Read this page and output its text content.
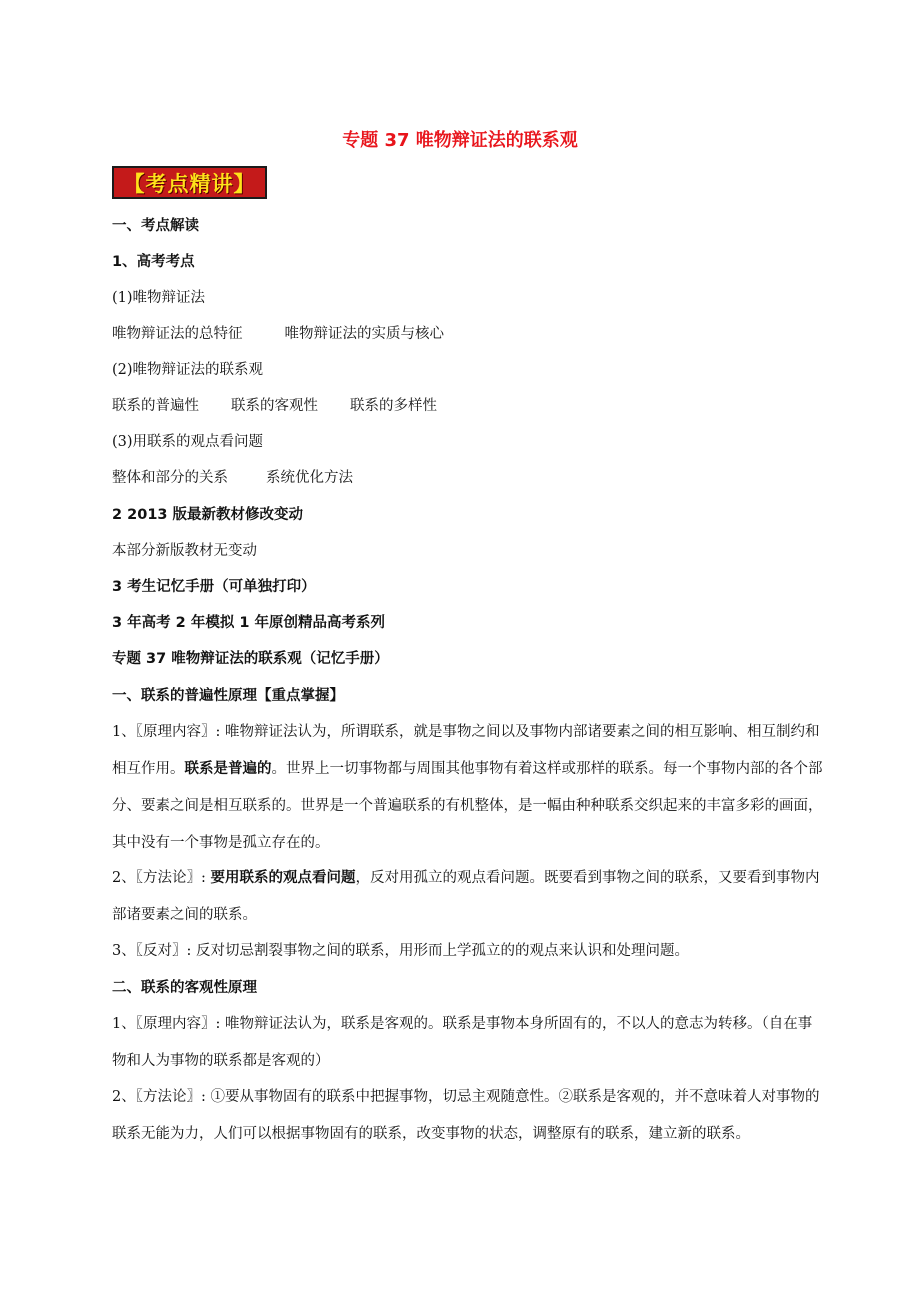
专题 37 唯物辩证法的联系观
【考点精讲】
一、考点解读
1、高考考点
(1)唯物辩证法
唯物辩证法的总特征	唯物辩证法的实质与核心
(2)唯物辩证法的联系观
联系的普遍性 联系的客观性 联系的多样性
(3)用联系的观点看问题
整体和部分的关系	系统优化方法
2 2013 版最新教材修改变动
本部分新版教材无变动
3 考生记忆手册（可单独打印）
3 年高考 2 年模拟 1 年原创精品高考系列
专题 37 唯物辩证法的联系观（记忆手册）
一、联系的普遍性原理【重点掌握】
1、〖原理内容〗: 唯物辩证法认为，所谓联系，就是事物之间以及事物内部诸要素之间的相互影响、相互制约和相互作用。联系是普遍的。世界上一切事物都与周围其他事物有着这样或那样的联系。每一个事物内部的各个部分、要素之间是相互联系的。世界是一个普遍联系的有机整体，是一幅由种种联系交织起来的丰富多彩的画面，其中没有一个事物是孤立存在的。
2、〖方法论〗: 要用联系的观点看问题，反对用孤立的观点看问题。既要看到事物之间的联系，又要看到事物内部诸要素之间的联系。
3、〖反对〗: 反对切忌割裂事物之间的联系，用形而上学孤立的的观点来认识和处理问题。
二、联系的客观性原理
1、〖原理内容〗: 唯物辩证法认为，联系是客观的。联系是事物本身所固有的，不以人的意志为转移。（自在事物和人为事物的联系都是客观的）
2、〖方法论〗: ①要从事物固有的联系中把握事物，切忌主观随意性。②联系是客观的，并不意味着人对事物的联系无能为力，人们可以根据事物固有的联系，改变事物的状态，调整原有的联系，建立新的联系。
